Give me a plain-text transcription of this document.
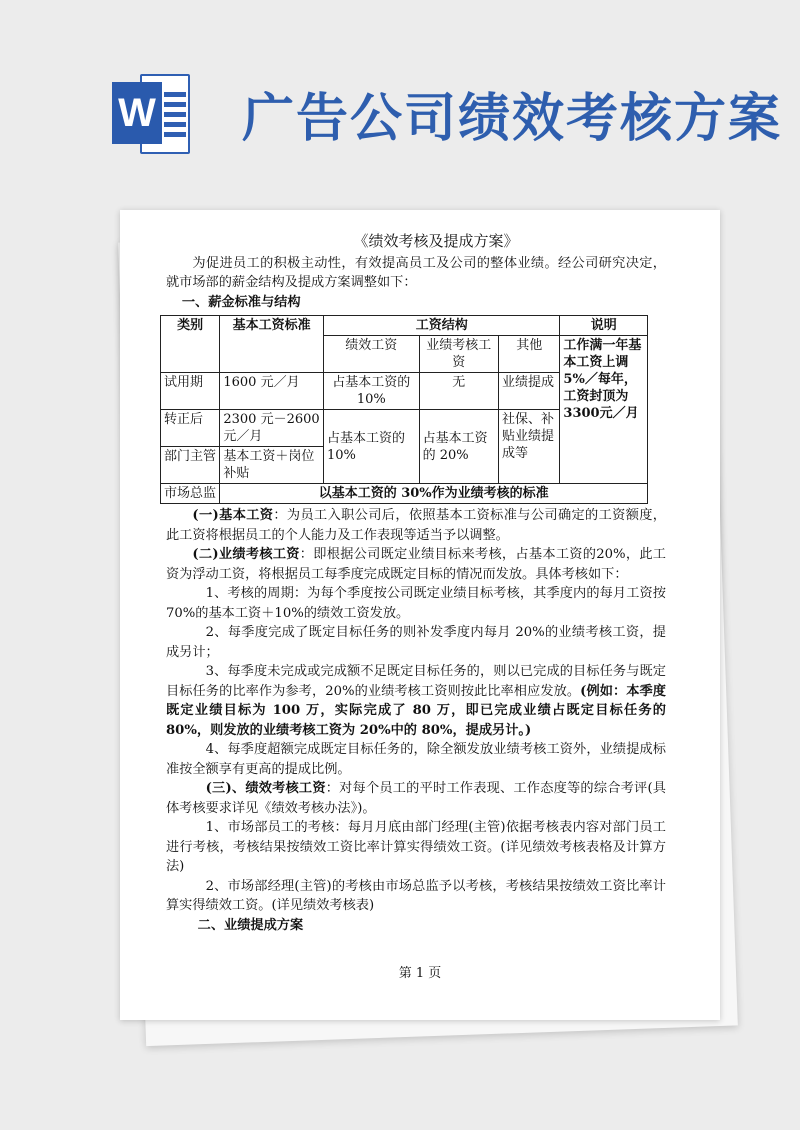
W 广告公司绩效考核方案
《绩效考核及提成方案》

为促进员工的积极主动性，有效提高员工及公司的整体业绩。经公司研究决定，就市场部的薪金结构及提成方案调整如下：

一、薪金标准与结构

类别	基本工资标准	工资结构			说明
		绩效工资	业绩考核工资	其他	工作满一年基本工资上调 5%／每年，工资封顶为 3300元／月
试用期	1600 元／月	占基本工资的 10%	无	业绩提成	
转正后	2300 元－2600 元／月	占基本工资的 10%	占基本工资的 20%	社保、补贴业绩提成等	
部门主管	基本工资＋岗位补贴				
市场总监	以基本工资的 30%作为业绩考核的标准				

(一)基本工资：为员工入职公司后，依照基本工资标准与公司确定的工资额度，此工资将根据员工的个人能力及工作表现等适当予以调整。

(二)业绩考核工资：即根据公司既定业绩目标来考核，占基本工资的20%，此工资为浮动工资，将根据员工每季度完成既定目标的情况而发放。具体考核如下：

1、考核的周期：为每个季度按公司既定业绩目标考核，其季度内的每月工资按 70%的基本工资＋10%的绩效工资发放。

2、每季度完成了既定目标任务的则补发季度内每月 20%的业绩考核工资，提成另计；

3、每季度未完成或完成额不足既定目标任务的，则以已完成的目标任务与既定目标任务的比率作为参考，20%的业绩考核工资则按此比率相应发放。(例如：本季度既定业绩目标为 100 万，实际完成了 80 万，即已完成业绩占既定目标任务的 80%，则发放的业绩考核工资为 20%中的 80%，提成另计。)

4、每季度超额完成既定目标任务的，除全额发放业绩考核工资外，业绩提成标准按全额享有更高的提成比例。

(三)、绩效考核工资：对每个员工的平时工作表现、工作态度等的综合考评(具体考核要求详见《绩效考核办法》)。

1、市场部员工的考核：每月月底由部门经理(主管)依据考核表内容对部门员工进行考核，考核结果按绩效工资比率计算实得绩效工资。(详见绩效考核表格及计算方法)

2、市场部经理(主管)的考核由市场总监予以考核，考核结果按绩效工资比率计算实得绩效工资。(详见绩效考核表)

二、业绩提成方案

第 1 页
